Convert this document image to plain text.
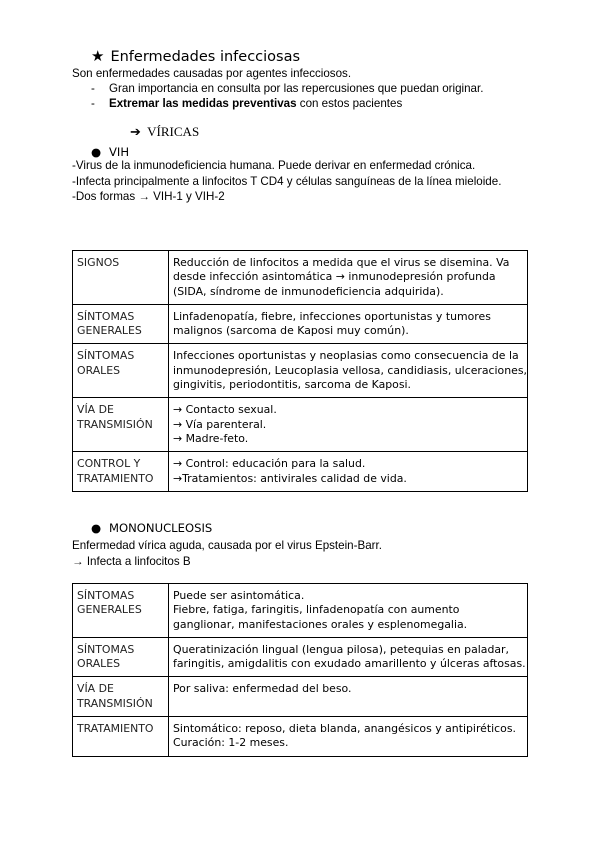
★ Enfermedades infecciosas
Son enfermedades causadas por agentes infecciosos.
- Gran importancia en consulta por las repercusiones que puedan originar.
- Extremar las medidas preventivas con estos pacientes
➔ VÍRICAS
● VIH
-Virus de la inmunodeficiencia humana. Puede derivar en enfermedad crónica.
-Infecta principalmente a linfocitos T CD4 y células sanguíneas de la línea mieloide.
-Dos formas → VIH-1 y VIH-2
SIGNOS	Reducción de linfocitos a medida que el virus se disemina. Va
desde infección asintomática → inmunodepresión profunda
(SIDA, síndrome de inmunodeficiencia adquirida).

SÍNTOMAS
GENERALES	Linfadenopatía, fiebre, infecciones oportunistas y tumores
malignos (sarcoma de Kaposi muy común).

SÍNTOMAS
ORALES	Infecciones oportunistas y neoplasias como consecuencia de la
inmunodepresión, Leucoplasia vellosa, candidiasis, ulceraciones,
gingivitis, periodontitis, sarcoma de Kaposi.

VÍA DE
TRANSMISIÓN	→ Contacto sexual.
→ Vía parenteral.
→ Madre-feto.

CONTROL Y
TRATAMIENTO	→ Control: educación para la salud.
→Tratamientos: antivirales calidad de vida.
● MONONUCLEOSIS
Enfermedad vírica aguda, causada por el virus Epstein-Barr.
→ Infecta a linfocitos B
SÍNTOMAS
GENERALES	Puede ser asintomática.
Fiebre, fatiga, faringitis, linfadenopatía con aumento
ganglionar, manifestaciones orales y esplenomegalia.

SÍNTOMAS
ORALES	Queratinización lingual (lengua pilosa), petequias en paladar,
faringitis, amigdalitis con exudado amarillento y úlceras aftosas.

VÍA DE
TRANSMISIÓN	Por saliva: enfermedad del beso.

TRATAMIENTO	Sintomático: reposo, dieta blanda, anangésicos y antipiréticos.
Curación: 1-2 meses.
